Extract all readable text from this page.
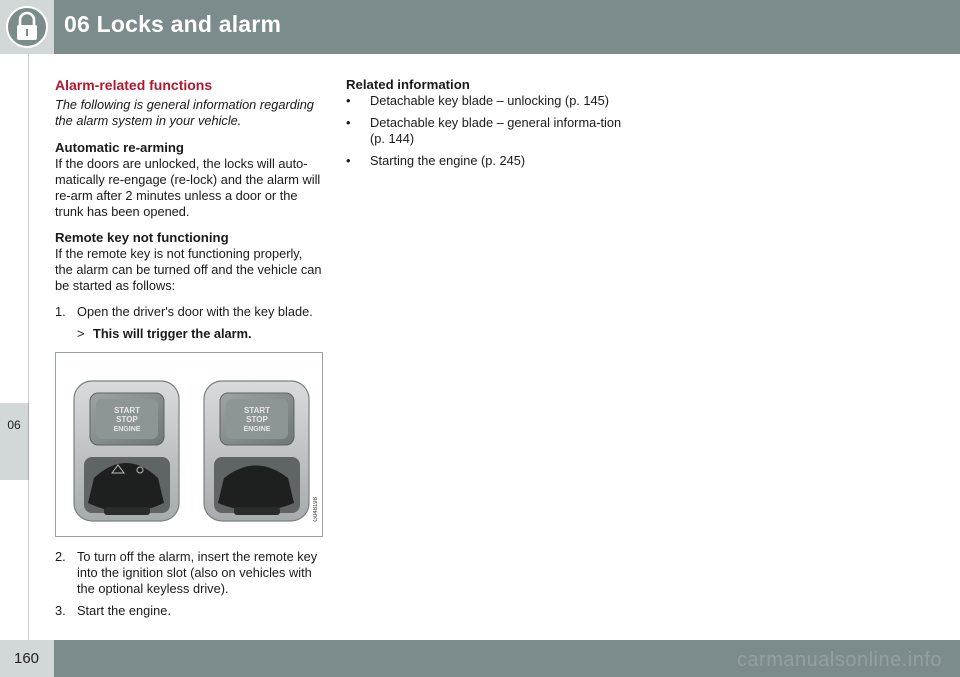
06 Locks and alarm
06
Alarm-related functions

The following is general information regarding the alarm system in your vehicle.

Automatic re-arming

If the doors are unlocked, the locks will auto-matically re-engage (re-lock) and the alarm will re-arm after 2 minutes unless a door or the trunk has been opened.

Remote key not functioning

If the remote key is not functioning properly, the alarm can be turned off and the vehicle can be started as follows:

1. Open the driver's door with the key blade.
> This will trigger the alarm.
START
STOP
ENGINE
START
STOP
ENGINE
G048198
2. To turn off the alarm, insert the remote key into the ignition slot (also on vehicles with the optional keyless drive).
3. Start the engine.
Related information
• Detachable key blade – unlocking (p. 145)
• Detachable key blade – general informa-tion (p. 144)
• Starting the engine (p. 245)
160	carmanualsonline.info
